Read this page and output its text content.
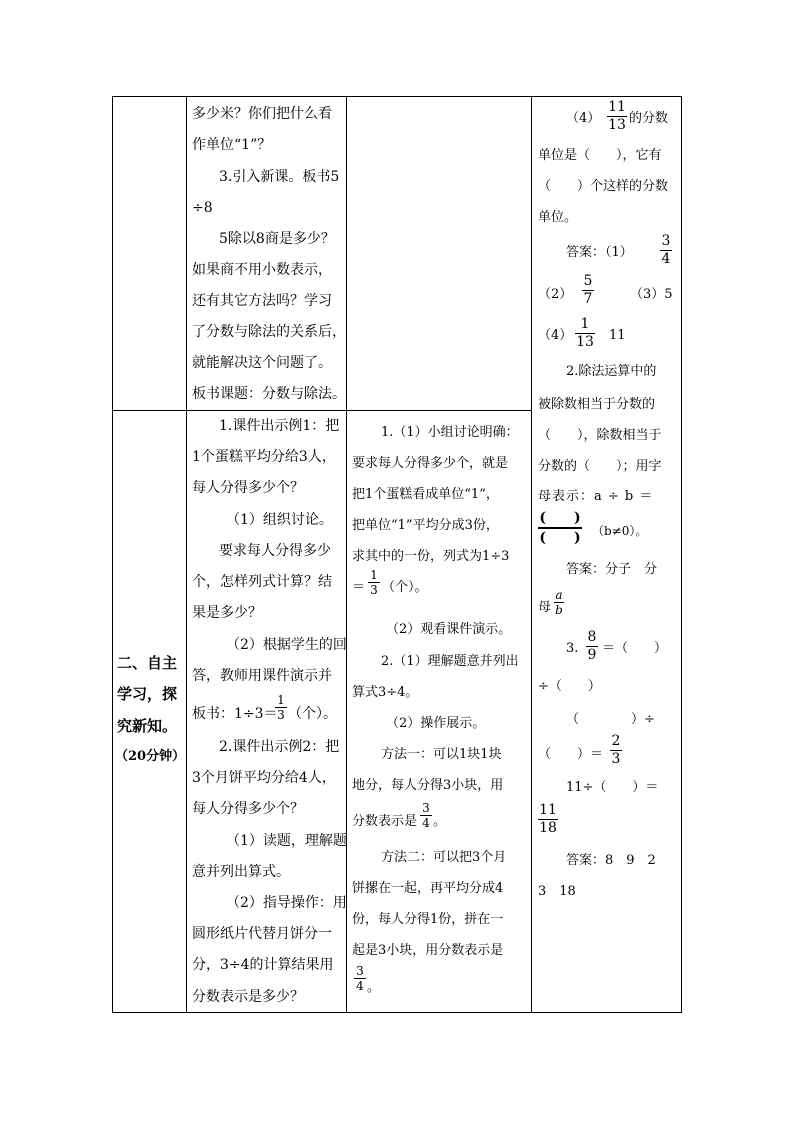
二、自主
学习，探
究新知。
（20分钟）
多少米？你们把什么看
作单位“1”？
3.引入新课。板书5
÷8
5除以8商是多少？
如果商不用小数表示，
还有其它方法吗？学习
了分数与除法的关系后，
就能解决这个问题了。
板书课题：分数与除法。
1.课件出示例1：把
1个蛋糕平均分给3人，
每人分得多少个？
（1）组织讨论。
要求每人分得多少
个，怎样列式计算？结
果是多少？
（2）根据学生的回
答，教师用课件演示并
板书：1÷3＝
1
3 （个）。
2.课件出示例2：把
3个月饼平均分给4人，
每人分得多少个？
（1）读题，理解题
意并列出算式。
（2）指导操作：用
圆形纸片代替月饼分一
分，3÷4的计算结果用
分数表示是多少？
1.（1）小组讨论明确：
要求每人分得多少个，就是
把1个蛋糕看成单位“1”，
把单位“1”平均分成3份，
求其中的一份，列式为1÷3
＝
1
3 （个）。
（2）观看课件演示。
2.（1）理解题意并列出
算式3÷4。
（2）操作展示。
方法一：可以1块1块
地分，每人分得3小块，用
分数表示是
3
4 。
方法二：可以把3个月
饼摞在一起，再平均分成4
份，每人分得1份，拼在一
起是3小块，用分数表示是
3
4 。
（4）
11
13 的分数
单位是（　　），它有
（　　）个这样的分数
单位。
答案：（1）
3
4
（2）
5
7	（3）5
（4）
1
13 11
2.除法运算中的
被除数相当于分数的
（　　），除数相当于
分数的（　　）；用字
母表示：a ÷ b ＝
(　　)
(　　) （b≠0）。
答案：分子　分
母
a
b
3.
8
9 ＝（　　）
÷（　　）
（　　　　）÷
（　　）＝
2
3
11÷（　　）＝
11
18
答案：8　9　2
3　18
